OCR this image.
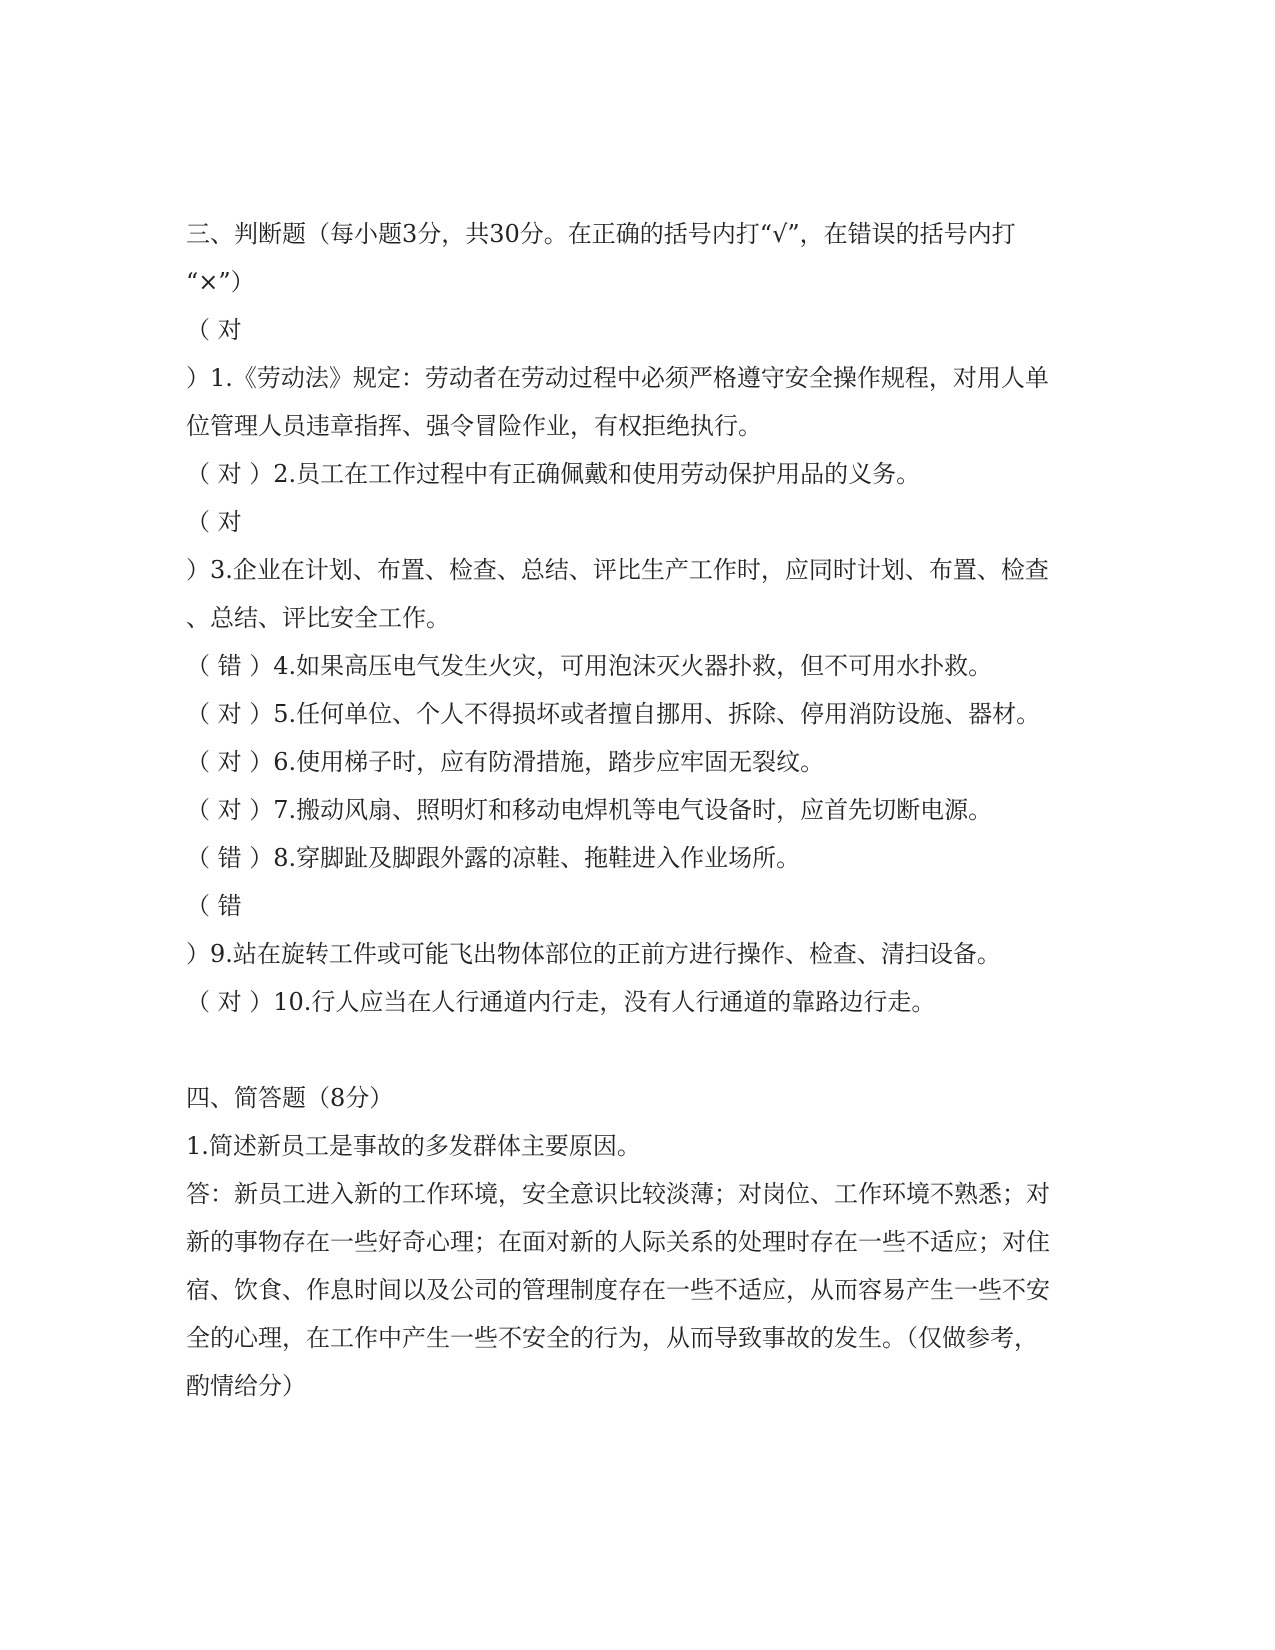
三、判断题（每小题3分，共30分。在正确的括号内打“√”，在错误的括号内打
“×”）
（ 对
）1.《劳动法》规定：劳动者在劳动过程中必须严格遵守安全操作规程，对用人单
位管理人员违章指挥、强令冒险作业，有权拒绝执行。
（ 对 ）2.员工在工作过程中有正确佩戴和使用劳动保护用品的义务。
（ 对
）3.企业在计划、布置、检查、总结、评比生产工作时，应同时计划、布置、检查
、总结、评比安全工作。
（ 错 ）4.如果高压电气发生火灾，可用泡沫灭火器扑救，但不可用水扑救。
（ 对 ）5.任何单位、个人不得损坏或者擅自挪用、拆除、停用消防设施、器材。
（ 对 ）6.使用梯子时，应有防滑措施，踏步应牢固无裂纹。
（ 对 ）7.搬动风扇、照明灯和移动电焊机等电气设备时，应首先切断电源。
（ 错 ）8.穿脚趾及脚跟外露的凉鞋、拖鞋进入作业场所。
（ 错
）9.站在旋转工件或可能飞出物体部位的正前方进行操作、检查、清扫设备。
（ 对 ）10.行人应当在人行通道内行走，没有人行通道的靠路边行走。
四、简答题（8分）
1.简述新员工是事故的多发群体主要原因。
答：新员工进入新的工作环境，安全意识比较淡薄；对岗位、工作环境不熟悉；对
新的事物存在一些好奇心理；在面对新的人际关系的处理时存在一些不适应；对住
宿、饮食、作息时间以及公司的管理制度存在一些不适应，从而容易产生一些不安
全的心理，在工作中产生一些不安全的行为，从而导致事故的发生。（仅做参考，
酌情给分）
